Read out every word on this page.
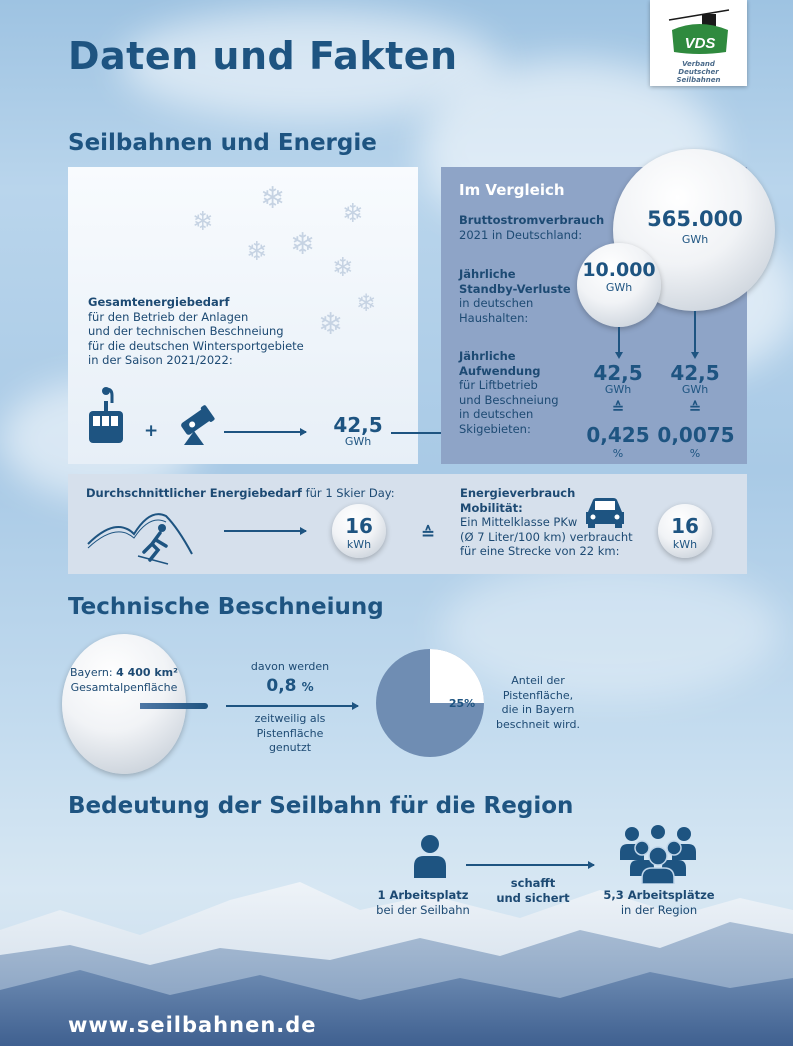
Daten und Fakten	VDS
Verband
Deutscher
Seilbahnen
Seilbahnen und Energie
❄
❄	❄
❄
❄
❄
❄
❄
Gesamtenergiebedarf
für den Betrieb der Anlagen
und der technischen Beschneiung
für die deutschen Wintersportgebiete
in der Saison 2021/2022:
+	42,5
GWh
Im Vergleich
Bruttostromverbrauch
2021 in Deutschland:
565.000
GWh
Jährliche
Standby-Verluste
in deutschen
Haushalten:
10.000
GWh
Jährliche
Aufwendung
für Liftbetrieb
und Beschneiung
in deutschen
Skigebieten:
42,5
GWh
≙
0,425
%
42,5
GWh
≙
0,0075
%
Durchschnittlicher Energiebedarf für 1 Skier Day:
16
kWh
≙
Energieverbrauch
Mobilität:
Ein Mittelklasse PKw
(Ø 7 Liter/100 km) verbraucht
für eine Strecke von 22 km:
16
kWh
Technische Beschneiung
Bayern: 4 400 km²
Gesamtalpenfläche
davon werden
0,8 %
zeitweilig als
Pistenfläche
genutzt
25%
Anteil der
Pistenfläche,
die in Bayern
beschneit wird.
Bedeutung der Seilbahn für die Region
1 Arbeitsplatz
bei der Seilbahn
schafft
und sichert	5,3 Arbeitsplätze
in der Region
www.seilbahnen.de
